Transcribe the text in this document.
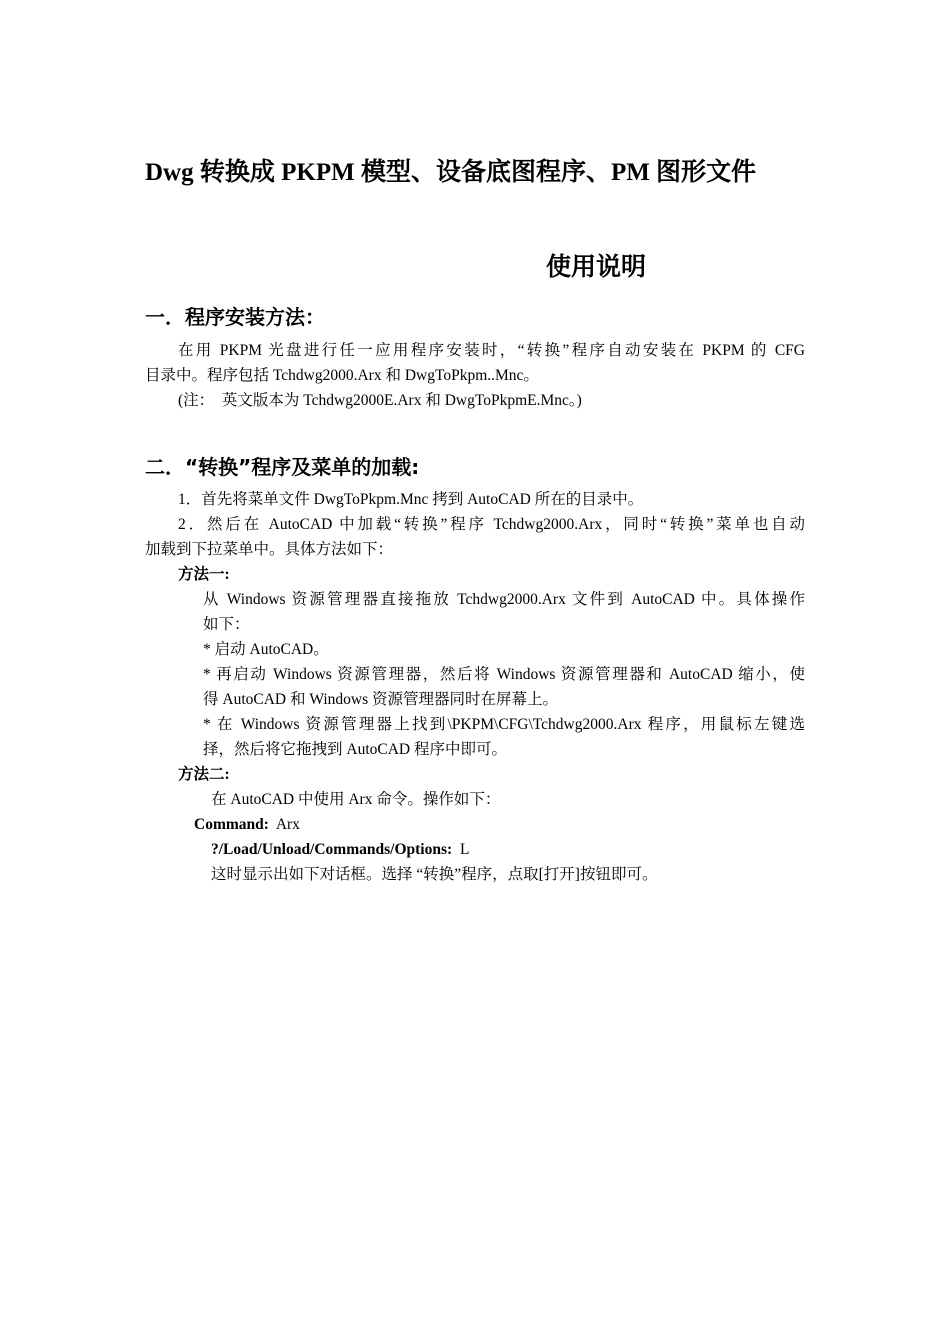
Dwg 转换成 PKPM 模型、设备底图程序、PM 图形文件
使用说明
一．程序安装方法：
在用 PKPM 光盘进行任一应用程序安装时，“转换”程序自动安装在 PKPM 的 CFG
目录中。程序包括 Tchdwg2000.Arx 和 DwgToPkpm..Mnc。
(注：　英文版本为 Tchdwg2000E.Arx 和 DwgToPkpmE.Mnc。)
二．“转换”程序及菜单的加载:
1．首先将菜单文件 DwgToPkpm.Mnc 拷到 AutoCAD 所在的目录中。
2．然后在 AutoCAD 中加载“转换”程序 Tchdwg2000.Arx，同时“转换”菜单也自动
加载到下拉菜单中。具体方法如下：
方法一:
从 Windows 资源管理器直接拖放 Tchdwg2000.Arx 文件到 AutoCAD 中。具体操作
如下：
* 启动 AutoCAD。
* 再启动 Windows 资源管理器，然后将 Windows 资源管理器和 AutoCAD 缩小，使
得 AutoCAD 和 Windows 资源管理器同时在屏幕上。
* 在 Windows 资源管理器上找到\PKPM\CFG\Tchdwg2000.Arx 程序，用鼠标左键选
择，然后将它拖拽到 AutoCAD 程序中即可。
方法二:
在 AutoCAD 中使用 Arx 命令。操作如下：
Command: Arx
?/Load/Unload/Commands/Options: L
这时显示出如下对话框。选择 “转换”程序，点取[打开]按钮即可。
